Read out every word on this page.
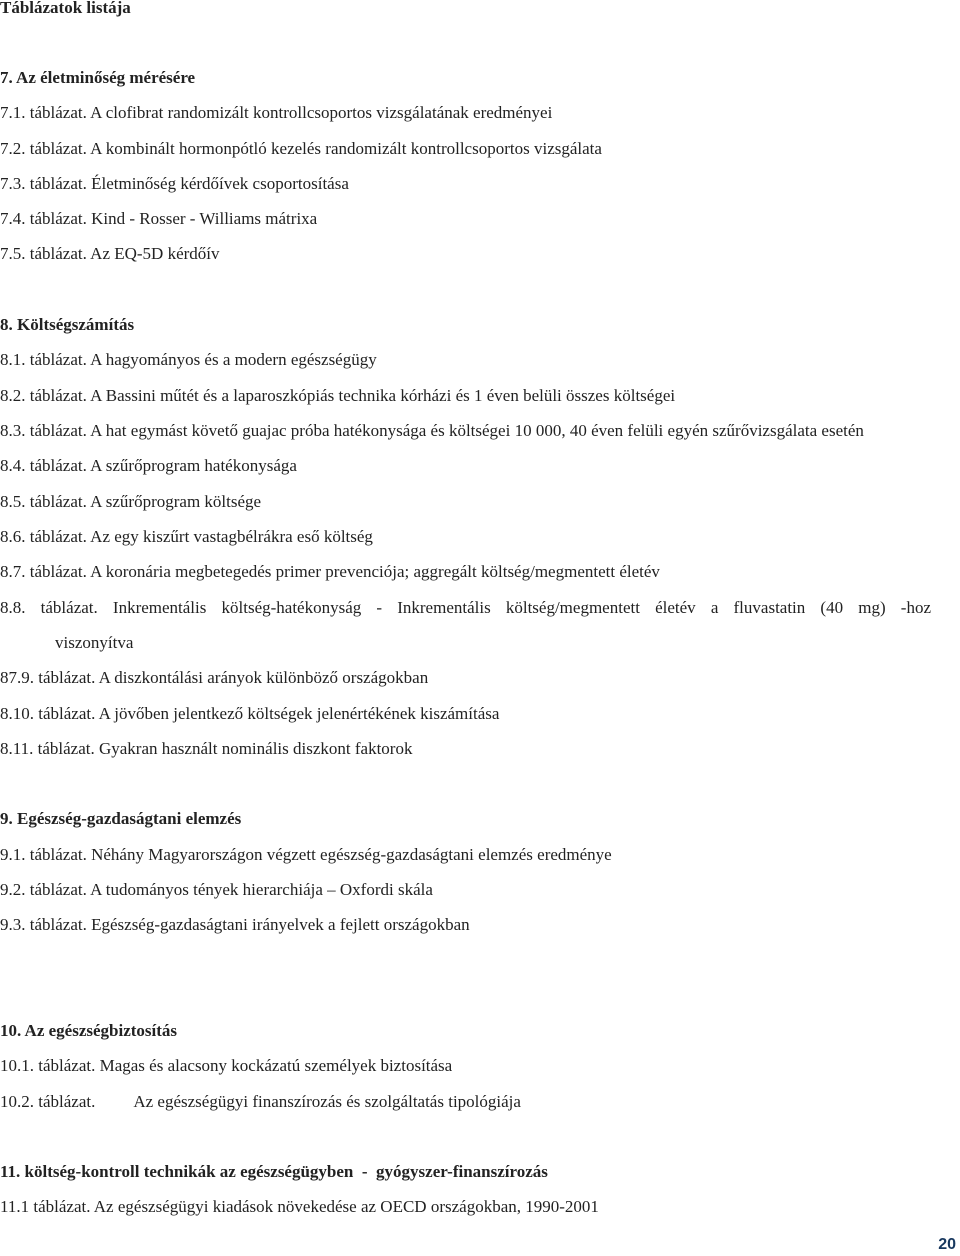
Táblázatok listája
7. Az életminőség mérésére
7.1. táblázat. A clofibrat randomizált kontrollcsoportos vizsgálatának eredményei
7.2. táblázat. A kombinált hormonpótló kezelés randomizált kontrollcsoportos vizsgálata
7.3. táblázat. Életminőség kérdőívek csoportosítása
7.4. táblázat. Kind - Rosser - Williams mátrixa
7.5. táblázat. Az EQ-5D kérdőív
8. Költségszámítás
8.1. táblázat. A hagyományos és a modern egészségügy
8.2. táblázat. A Bassini műtét és a laparoszkópiás technika kórházi és 1 éven belüli összes költségei
8.3. táblázat. A hat egymást követő guajac próba hatékonysága és költségei 10 000, 40 éven felüli egyén szűrővizsgálata esetén
8.4. táblázat. A szűrőprogram hatékonysága
8.5. táblázat. A szűrőprogram költsége
8.6. táblázat. Az egy kiszűrt vastagbélrákra eső költség
8.7. táblázat. A koronária megbetegedés primer prevenciója; aggregált költség/megmentett életév
8.8. táblázat. Inkrementális költség-hatékonyság - Inkrementális költség/megmentett életév a fluvastatin (40 mg) -hoz
viszonyítva
87.9. táblázat. A diszkontálási arányok különböző országokban
8.10. táblázat. A jövőben jelentkező költségek jelenértékének kiszámítása
8.11. táblázat. Gyakran használt nominális diszkont faktorok
9. Egészség-gazdaságtani elemzés
9.1. táblázat. Néhány Magyarországon végzett egészség-gazdaságtani elemzés eredménye
9.2. táblázat. A tudományos tények hierarchiája – Oxfordi skála
9.3. táblázat. Egészség-gazdaságtani irányelvek a fejlett országokban
10. Az egészségbiztosítás
10.1. táblázat. Magas és alacsony kockázatú személyek biztosítása
10.2. táblázat. Az egészségügyi finanszírozás és szolgáltatás tipológiája
11. költség-kontroll technikák az egészségügyben  -  gyógyszer-finanszírozás
11.1 táblázat. Az egészségügyi kiadások növekedése az OECD országokban, 1990-2001
20
